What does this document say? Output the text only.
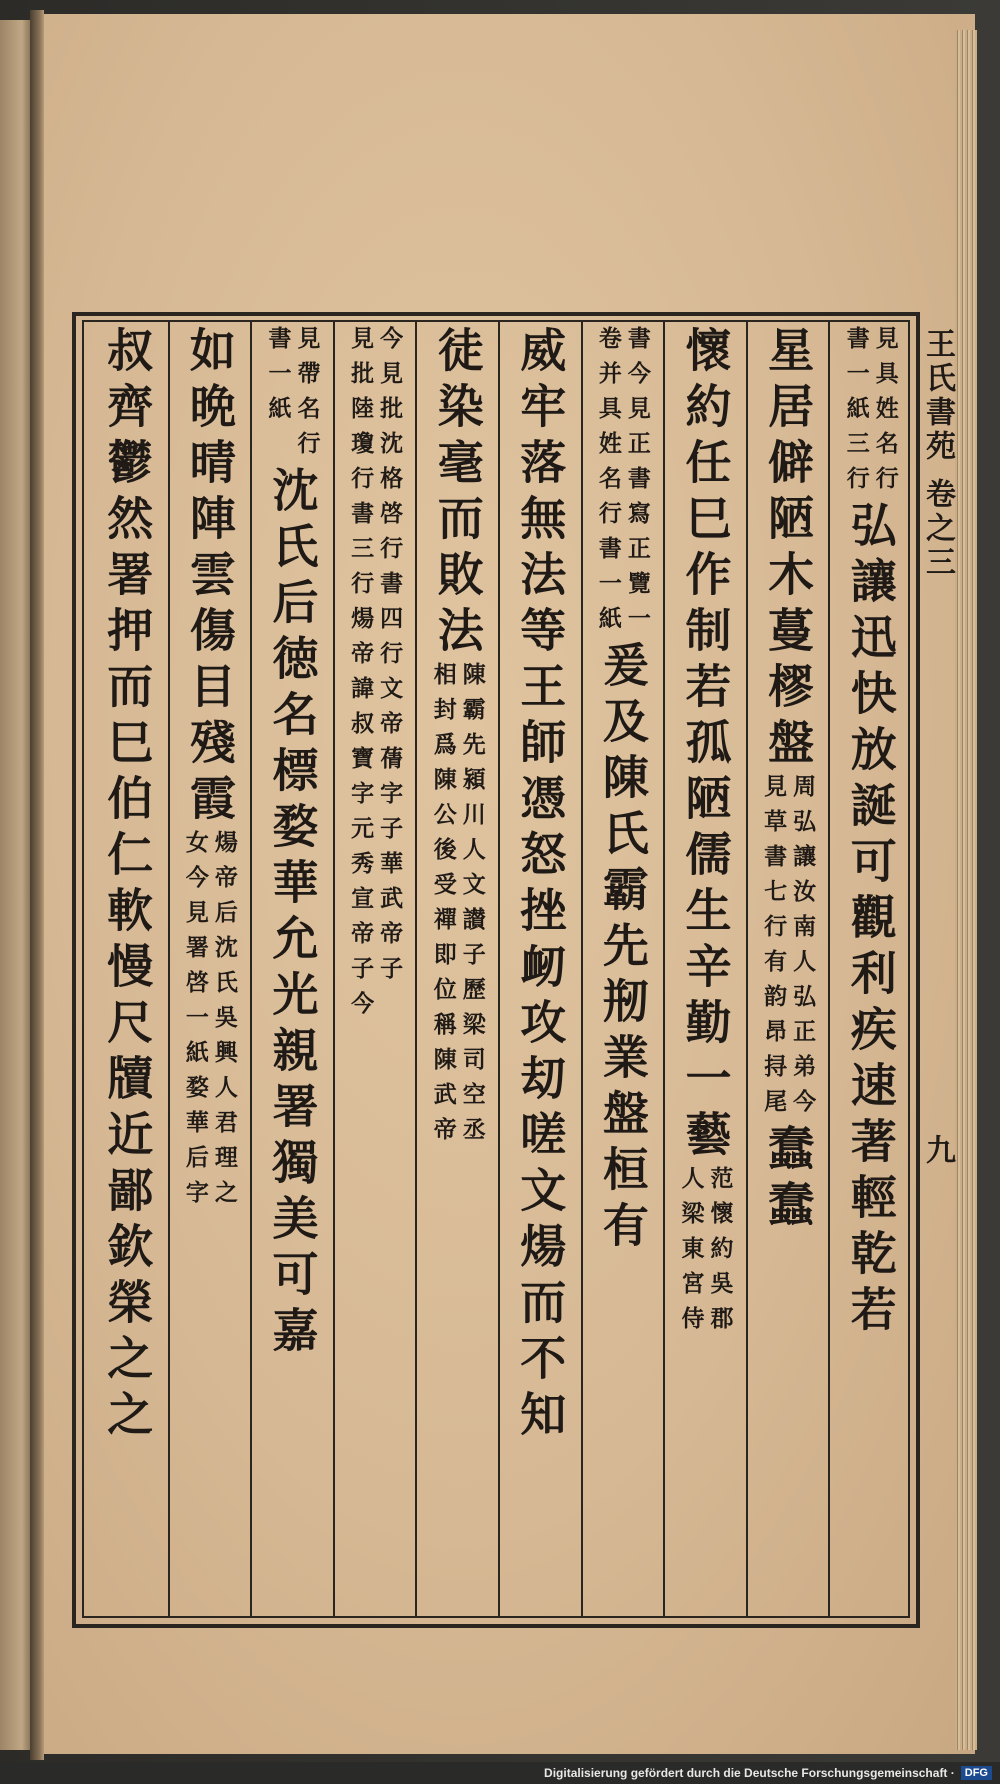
見具姓名行
書一紙三行
弘讓迅快放誕可觀利疾速著輕乾若
星居僻陋木蔓樛盤
周弘讓汝南人弘正弟今
見草書七行有韵昂挦尾
蠢蠢
懷約任巳作制若孤陋儒生辛勤一藝
范懷約吳郡
人梁東宮侍
書今見正書寫正覽一
卷并具姓名行書一紙
爰及陳氏霸先剏業盤桓有
威牢落無法等王師憑怒挫衂攻刧嗟文煬而不知
徒染毫而敗法
陳霸先潁川人文讃子歷梁司空丞
相封爲陳公後受禪即位稱陳武帝
今見批沈格啓行書四行文帝蒨字子華武帝子
見批陸瓊行書三行煬帝諱叔寶字元秀宣帝子今
見帶名行
書一紙
沈氏后徳名標婺華允光親署獨美可嘉
如晩晴陣雲傷目殘霞
煬帝后沈氏吳興人君理之
女今見署啓一紙婺華后字
叔齊鬱然署押而巳伯仁軟慢尺牘近鄙欽榮之之	王氏書苑
卷之三
九
Digitalisierung gefördert durch die Deutsche Forschungsgemeinschaft · DFG
